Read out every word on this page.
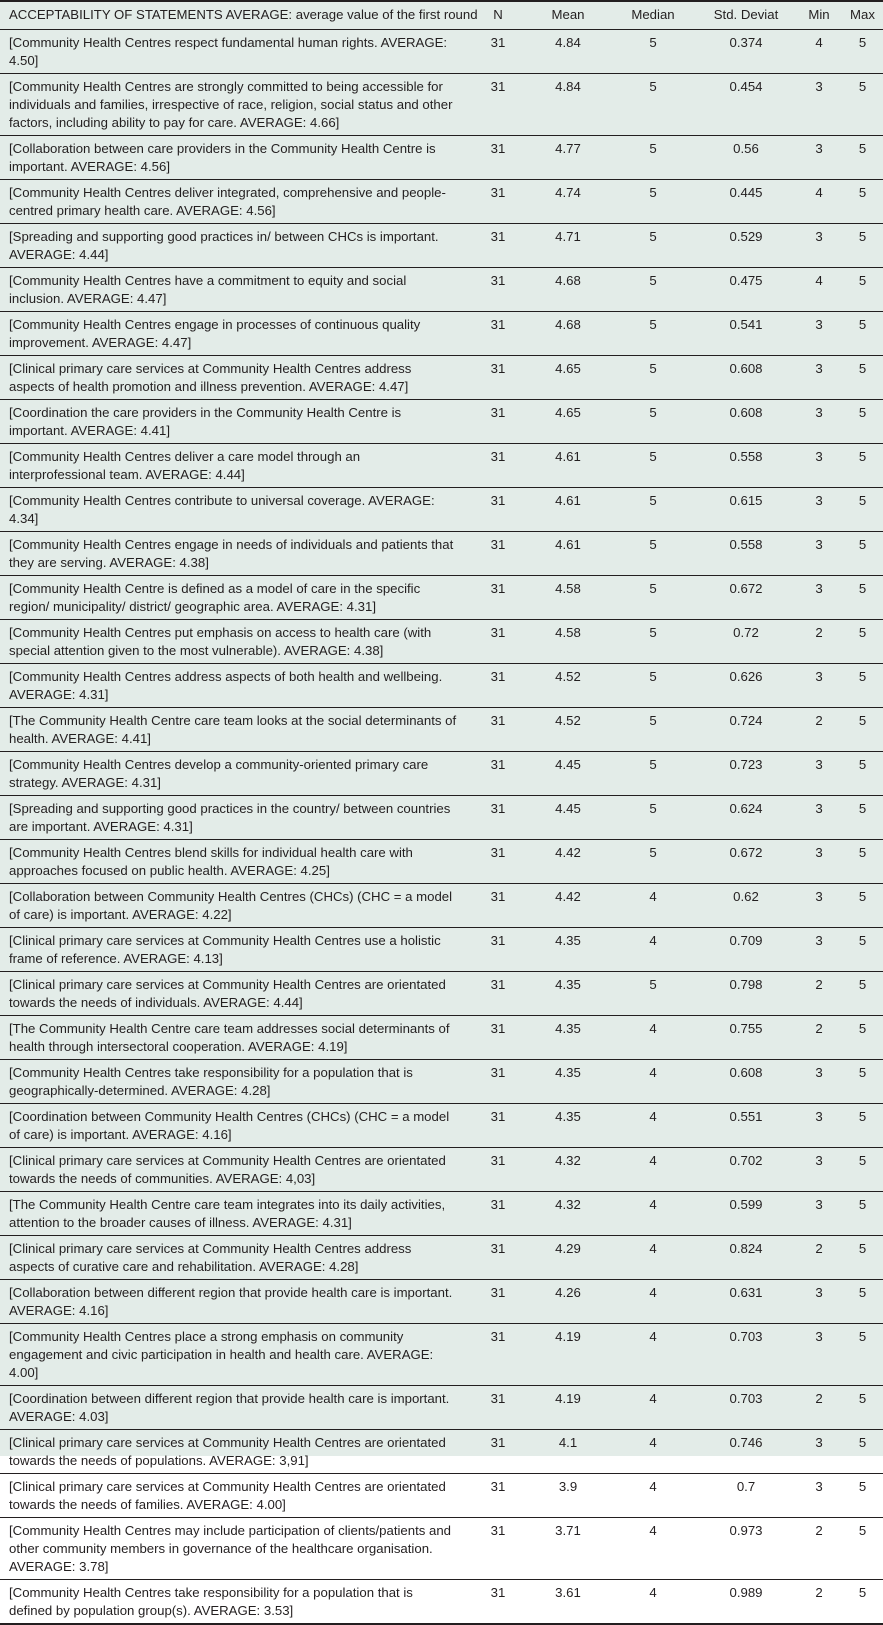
ACCEPTABILITY OF STATEMENTS AVERAGE: average value of the first round	N	Mean	Median	Std. Deviat	Min	Max
[Community Health Centres respect fundamental human rights. AVERAGE: 4.50]	31	4.84	5	0.374	4	5
[Community Health Centres are strongly committed to being accessible for individuals and families, irrespective of race, religion, social status and other factors, including ability to pay for care. AVERAGE: 4.66]	31	4.84	5	0.454	3	5
[Collaboration between care providers in the Community Health Centre is important. AVERAGE: 4.56]	31	4.77	5	0.56	3	5
[Community Health Centres deliver integrated, comprehensive and people-centred primary health care. AVERAGE: 4.56]	31	4.74	5	0.445	4	5
[Spreading and supporting good practices in/ between CHCs is important. AVERAGE: 4.44]	31	4.71	5	0.529	3	5
[Community Health Centres have a commitment to equity and social inclusion. AVERAGE: 4.47]	31	4.68	5	0.475	4	5
[Community Health Centres engage in processes of continuous quality improvement. AVERAGE: 4.47]	31	4.68	5	0.541	3	5
[Clinical primary care services at Community Health Centres address aspects of health promotion and illness prevention. AVERAGE: 4.47]	31	4.65	5	0.608	3	5
[Coordination the care providers in the Community Health Centre is important. AVERAGE: 4.41]	31	4.65	5	0.608	3	5
[Community Health Centres deliver a care model through an interprofessional team. AVERAGE: 4.44]	31	4.61	5	0.558	3	5
[Community Health Centres contribute to universal coverage. AVERAGE: 4.34]	31	4.61	5	0.615	3	5
[Community Health Centres engage in needs of individuals and patients that they are serving. AVERAGE: 4.38]	31	4.61	5	0.558	3	5
[Community Health Centre is defined as a model of care in the specific region/ municipality/ district/ geographic area. AVERAGE: 4.31]	31	4.58	5	0.672	3	5
[Community Health Centres put emphasis on access to health care (with special attention given to the most vulnerable). AVERAGE: 4.38]	31	4.58	5	0.72	2	5
[Community Health Centres address aspects of both health and wellbeing. AVERAGE: 4.31]	31	4.52	5	0.626	3	5
[The Community Health Centre care team looks at the social determinants of health. AVERAGE: 4.41]	31	4.52	5	0.724	2	5
[Community Health Centres develop a community-oriented primary care strategy. AVERAGE: 4.31]	31	4.45	5	0.723	3	5
[Spreading and supporting good practices in the country/ between countries are important. AVERAGE: 4.31]	31	4.45	5	0.624	3	5
[Community Health Centres blend skills for individual health care with approaches focused on public health. AVERAGE: 4.25]	31	4.42	5	0.672	3	5
[Collaboration between Community Health Centres (CHCs) (CHC = a model of care) is important. AVERAGE: 4.22]	31	4.42	4	0.62	3	5
[Clinical primary care services at Community Health Centres use a holistic frame of reference. AVERAGE: 4.13]	31	4.35	4	0.709	3	5
[Clinical primary care services at Community Health Centres are orientated towards the needs of individuals. AVERAGE: 4.44]	31	4.35	5	0.798	2	5
[The Community Health Centre care team addresses social determinants of health through intersectoral cooperation. AVERAGE: 4.19]	31	4.35	4	0.755	2	5
[Community Health Centres take responsibility for a population that is geographically-determined. AVERAGE: 4.28]	31	4.35	4	0.608	3	5
[Coordination between Community Health Centres (CHCs) (CHC = a model of care) is important. AVERAGE: 4.16]	31	4.35	4	0.551	3	5
[Clinical primary care services at Community Health Centres are orientated towards the needs of communities. AVERAGE: 4,03]	31	4.32	4	0.702	3	5
[The Community Health Centre care team integrates into its daily activities, attention to the broader causes of illness. AVERAGE: 4.31]	31	4.32	4	0.599	3	5
[Clinical primary care services at Community Health Centres address aspects of curative care and rehabilitation. AVERAGE: 4.28]	31	4.29	4	0.824	2	5
[Collaboration between different region that provide health care is important. AVERAGE: 4.16]	31	4.26	4	0.631	3	5
[Community Health Centres place a strong emphasis on community engagement and civic participation in health and health care. AVERAGE: 4.00]	31	4.19	4	0.703	3	5
[Coordination between different region that provide health care is important. AVERAGE: 4.03]	31	4.19	4	0.703	2	5
[Clinical primary care services at Community Health Centres are orientated towards the needs of populations. AVERAGE: 3,91]	31	4.1	4	0.746	3	5
[Clinical primary care services at Community Health Centres are orientated towards the needs of families. AVERAGE: 4.00]	31	3.9	4	0.7	3	5
[Community Health Centres may include participation of clients/patients and other community members in governance of the healthcare organisation. AVERAGE: 3.78]	31	3.71	4	0.973	2	5
[Community Health Centres take responsibility for a population that is defined by population group(s). AVERAGE: 3.53]	31	3.61	4	0.989	2	5
